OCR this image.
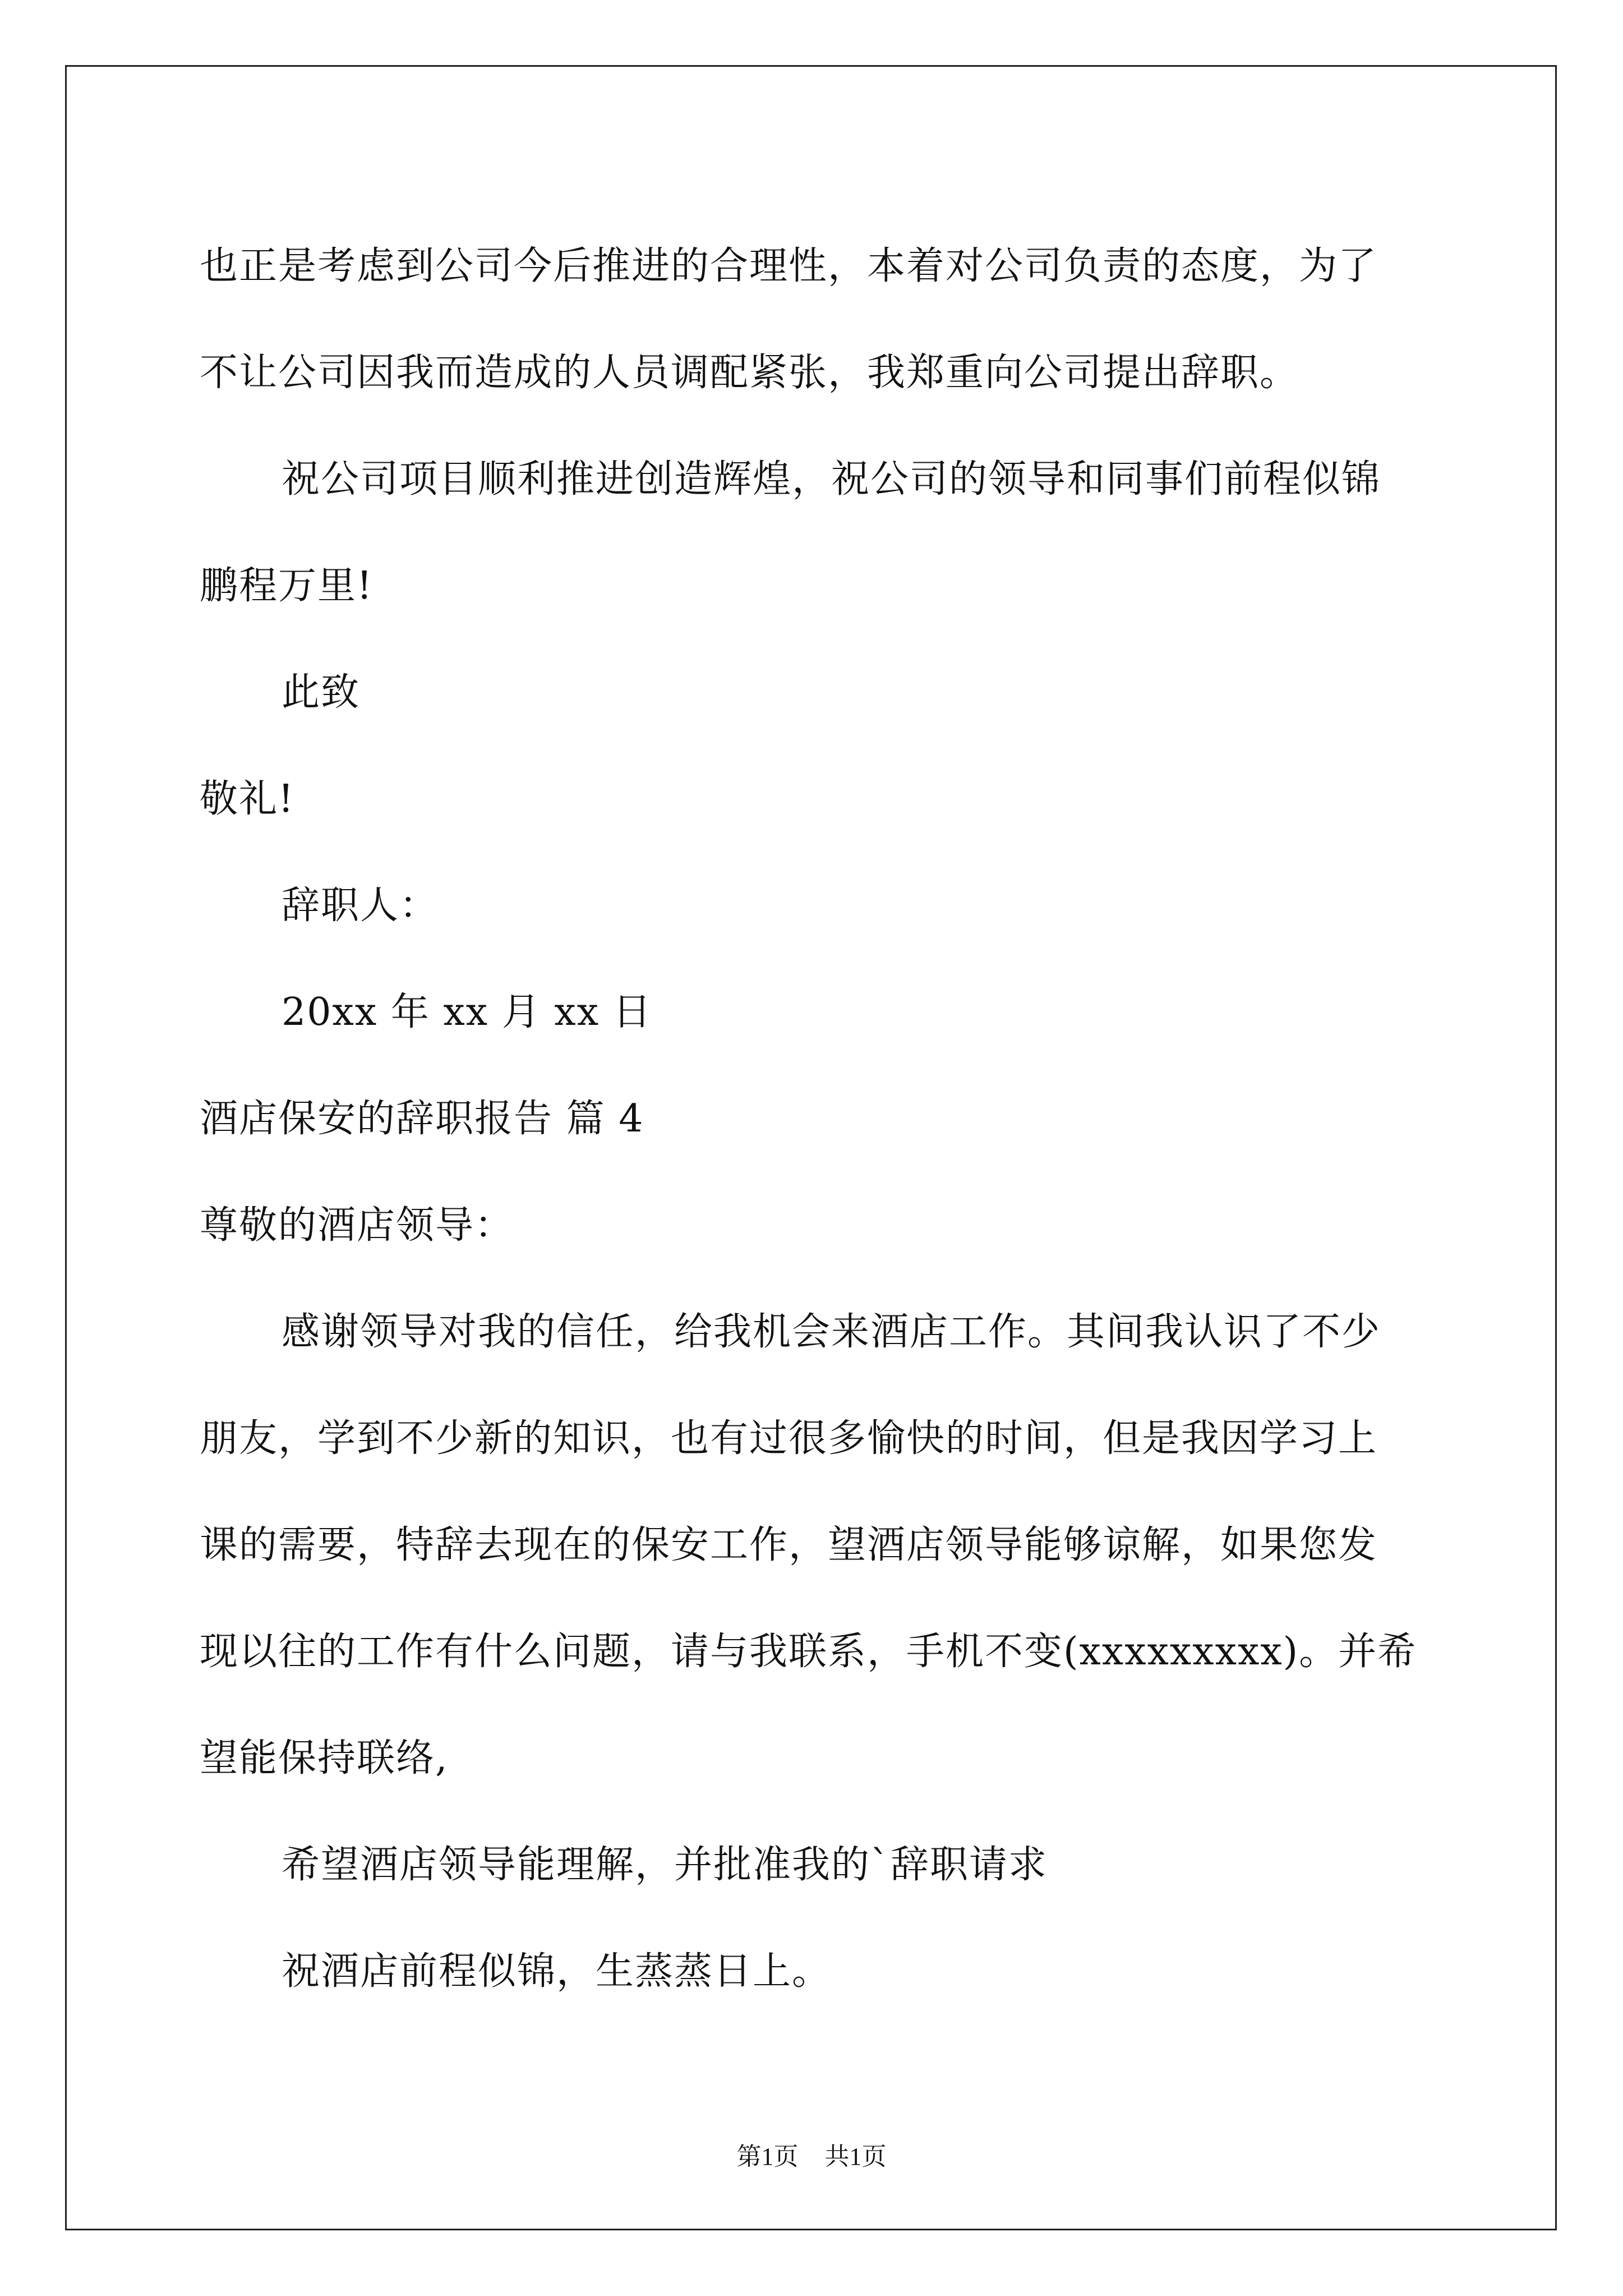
也正是考虑到公司今后推进的合理性，本着对公司负责的态度，为了
不让公司因我而造成的人员调配紧张，我郑重向公司提出辞职。
祝公司项目顺利推进创造辉煌，祝公司的领导和同事们前程似锦
鹏程万里!
此致
敬礼!
辞职人：
20xx 年 xx 月 xx 日
酒店保安的辞职报告 篇 4
尊敬的酒店领导：
感谢领导对我的信任，给我机会来酒店工作。其间我认识了不少
朋友，学到不少新的知识，也有过很多愉快的时间，但是我因学习上
课的需要，特辞去现在的保安工作，望酒店领导能够谅解，如果您发
现以往的工作有什么问题，请与我联系，手机不变(xxxxxxxxx)。并希
望能保持联络,
希望酒店领导能理解，并批准我的`辞职请求
祝酒店前程似锦，生蒸蒸日上。
第1页 共1页
